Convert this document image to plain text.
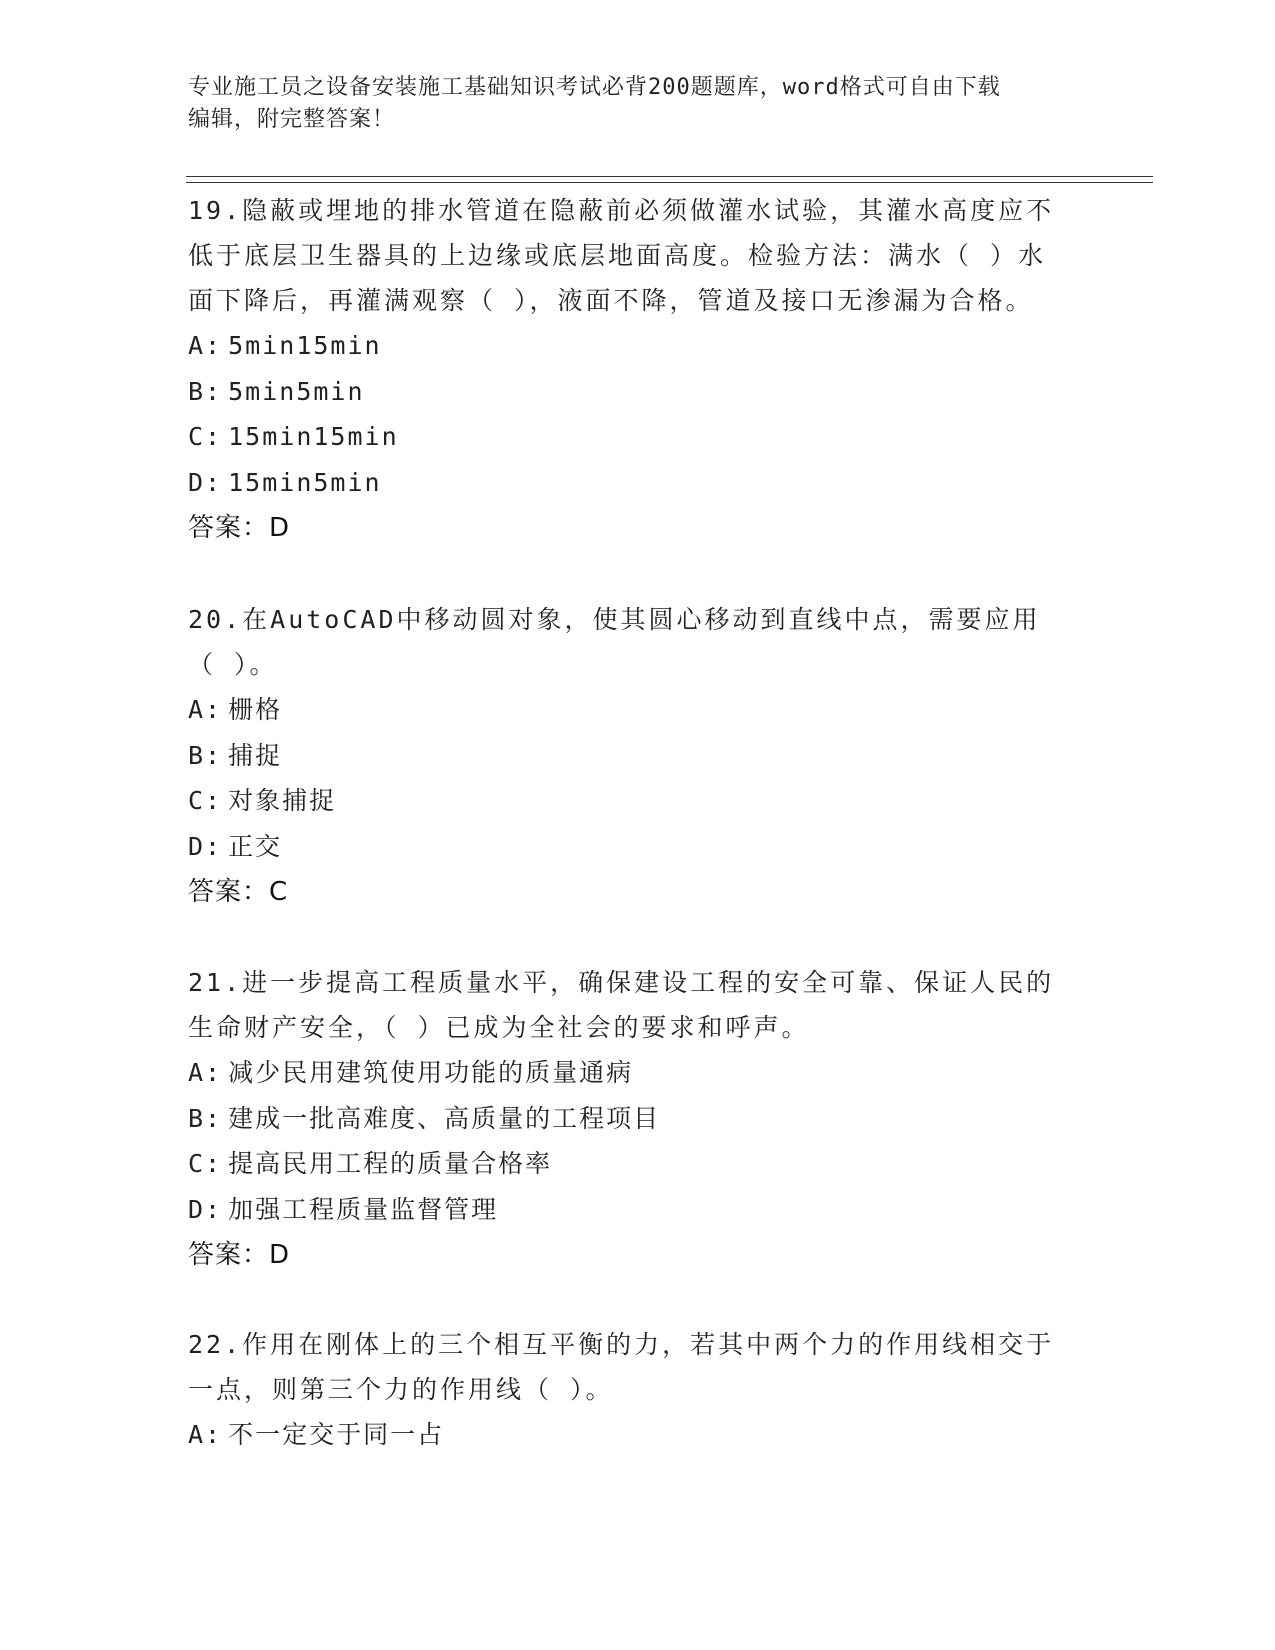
专业施工员之设备安装施工基础知识考试必背200题题库，word格式可自由下载
编辑，附完整答案！

19.隐蔽或埋地的排水管道在隐蔽前必须做灌水试验，其灌水高度应不低于底层卫生器具的上边缘或底层地面高度。检验方法：满水（ ）水面下降后，再灌满观察（ ），液面不降，管道及接口无渗漏为合格。

A: 5min15min
B: 5min5min
C: 15min15min
D: 15min5min
答案：D

20.在AutoCAD中移动圆对象，使其圆心移动到直线中点，需要应用（ ）。

A: 栅格
B: 捕捉
C: 对象捕捉
D: 正交
答案：C

21.进一步提高工程质量水平，确保建设工程的安全可靠、保证人民的生命财产安全，（ ）已成为全社会的要求和呼声。

A: 减少民用建筑使用功能的质量通病
B: 建成一批高难度、高质量的工程项目
C: 提高民用工程的质量合格率
D: 加强工程质量监督管理
答案：D

22.作用在刚体上的三个相互平衡的力，若其中两个力的作用线相交于一点，则第三个力的作用线（ ）。

A: 不一定交于同一占
